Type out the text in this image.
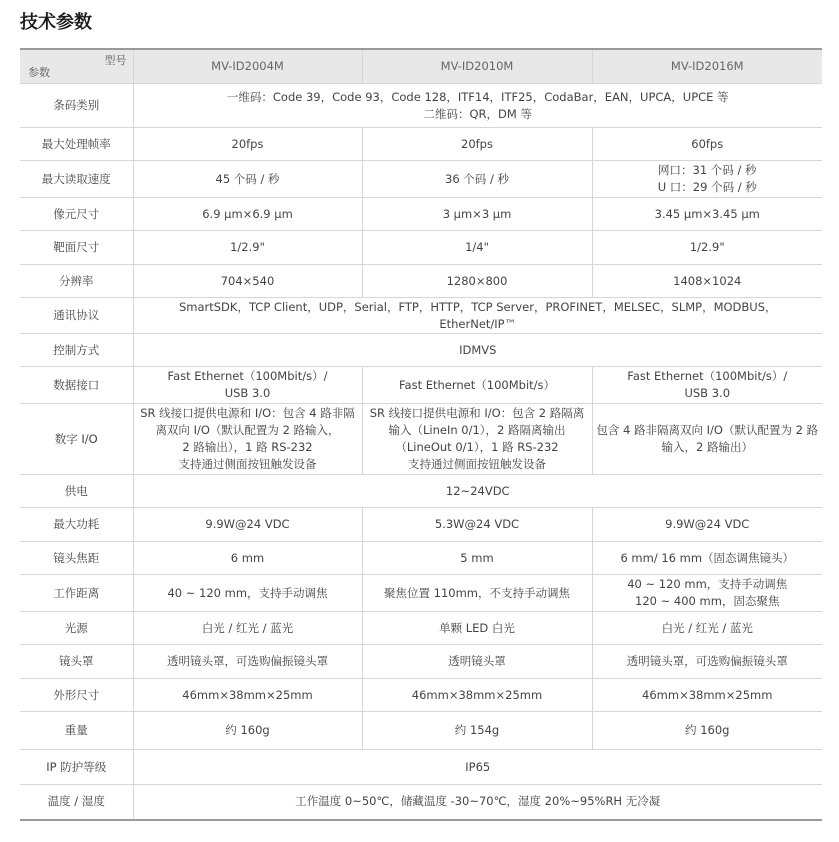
技术参数
型号
参数	MV-ID2004M	MV-ID2010M	MV-ID2016M
条码类别	一维码：Code 39，Code 93，Code 128，ITF14，ITF25，CodaBar，EAN，UPCA，UPCE 等
二维码：QR，DM 等		

最大处理帧率	20fps	20fps	60fps
最大读取速度	45 个码 / 秒	36 个码 / 秒	网口：31 个码 / 秒
U 口：29 个码 / 秒

像元尺寸	6.9 μm×6.9 μm	3 μm×3 μm	3.45 μm×3.45 μm
靶面尺寸	1/2.9"	1/4"	1/2.9"
分辨率	704×540	1280×800	1408×1024
通讯协议	SmartSDK，TCP Client，UDP，Serial，FTP，HTTP，TCP Server，PROFINET，MELSEC，SLMP，MODBUS，
EtherNet/IP™		

控制方式	IDMVS		
数据接口	Fast Ethernet（100Mbit/s）/
USB 3.0	Fast Ethernet（100Mbit/s）	Fast Ethernet（100Mbit/s）/
USB 3.0

数字 I/O	SR 线接口提供电源和 I/O：包含 4 路非隔
离双向 I/O（默认配置为 2 路输入，
2 路输出），1 路 RS-232
支持通过侧面按钮触发设备	SR 线接口提供电源和 I/O：包含 2 路隔离
输入（LineIn 0/1），2 路隔离输出
（LineOut 0/1），1 路 RS-232
支持通过侧面按钮触发设备	包含 4 路非隔离双向 I/O（默认配置为 2 路
输入，2 路输出）

供电	12~24VDC		
最大功耗	9.9W@24 VDC	5.3W@24 VDC	9.9W@24 VDC
镜头焦距	6 mm	5 mm	6 mm/ 16 mm（固态调焦镜头）
工作距离	40 ~ 120 mm，支持手动调焦	聚焦位置 110mm，不支持手动调焦	40 ~ 120 mm，支持手动调焦
120 ~ 400 mm，固态聚焦

光源	白光 / 红光 / 蓝光	单颗 LED 白光	白光 / 红光 / 蓝光
镜头罩	透明镜头罩，可选购偏振镜头罩	透明镜头罩	透明镜头罩，可选购偏振镜头罩
外形尺寸	46mm×38mm×25mm	46mm×38mm×25mm	46mm×38mm×25mm
重量	约 160g	约 154g	约 160g
IP 防护等级	IP65		
温度 / 湿度	工作温度 0~50℃，储藏温度 -30~70℃，湿度 20%~95%RH 无冷凝		
